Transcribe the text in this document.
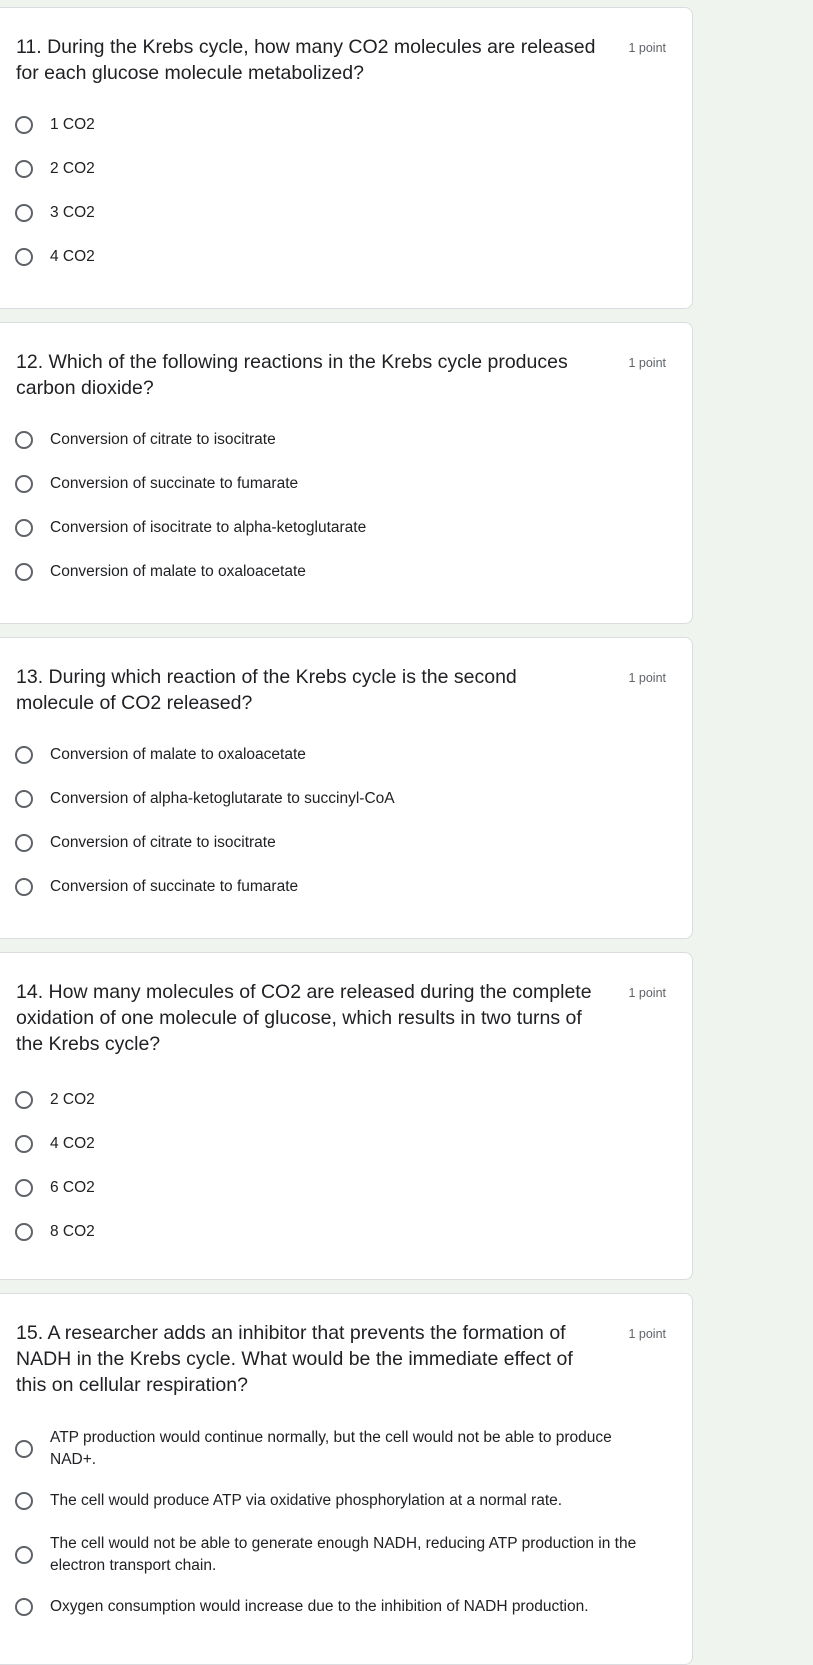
11. During the Krebs cycle, how many CO2 molecules are released for each glucose molecule metabolized?
1 point
1 CO2
2 CO2
3 CO2
4 CO2
12. Which of the following reactions in the Krebs cycle produces carbon dioxide?
1 point
Conversion of citrate to isocitrate
Conversion of succinate to fumarate
Conversion of isocitrate to alpha-ketoglutarate
Conversion of malate to oxaloacetate
13. During which reaction of the Krebs cycle is the second molecule of CO2 released?
1 point
Conversion of malate to oxaloacetate
Conversion of alpha-ketoglutarate to succinyl-CoA
Conversion of citrate to isocitrate
Conversion of succinate to fumarate
14. How many molecules of CO2 are released during the complete oxidation of one molecule of glucose, which results in two turns of the Krebs cycle?
1 point
2 CO2
4 CO2
6 CO2
8 CO2
15. A researcher adds an inhibitor that prevents the formation of NADH in the Krebs cycle. What would be the immediate effect of this on cellular respiration?
1 point
ATP production would continue normally, but the cell would not be able to produce NAD+.
The cell would produce ATP via oxidative phosphorylation at a normal rate.
The cell would not be able to generate enough NADH, reducing ATP production in the electron transport chain.
Oxygen consumption would increase due to the inhibition of NADH production.
